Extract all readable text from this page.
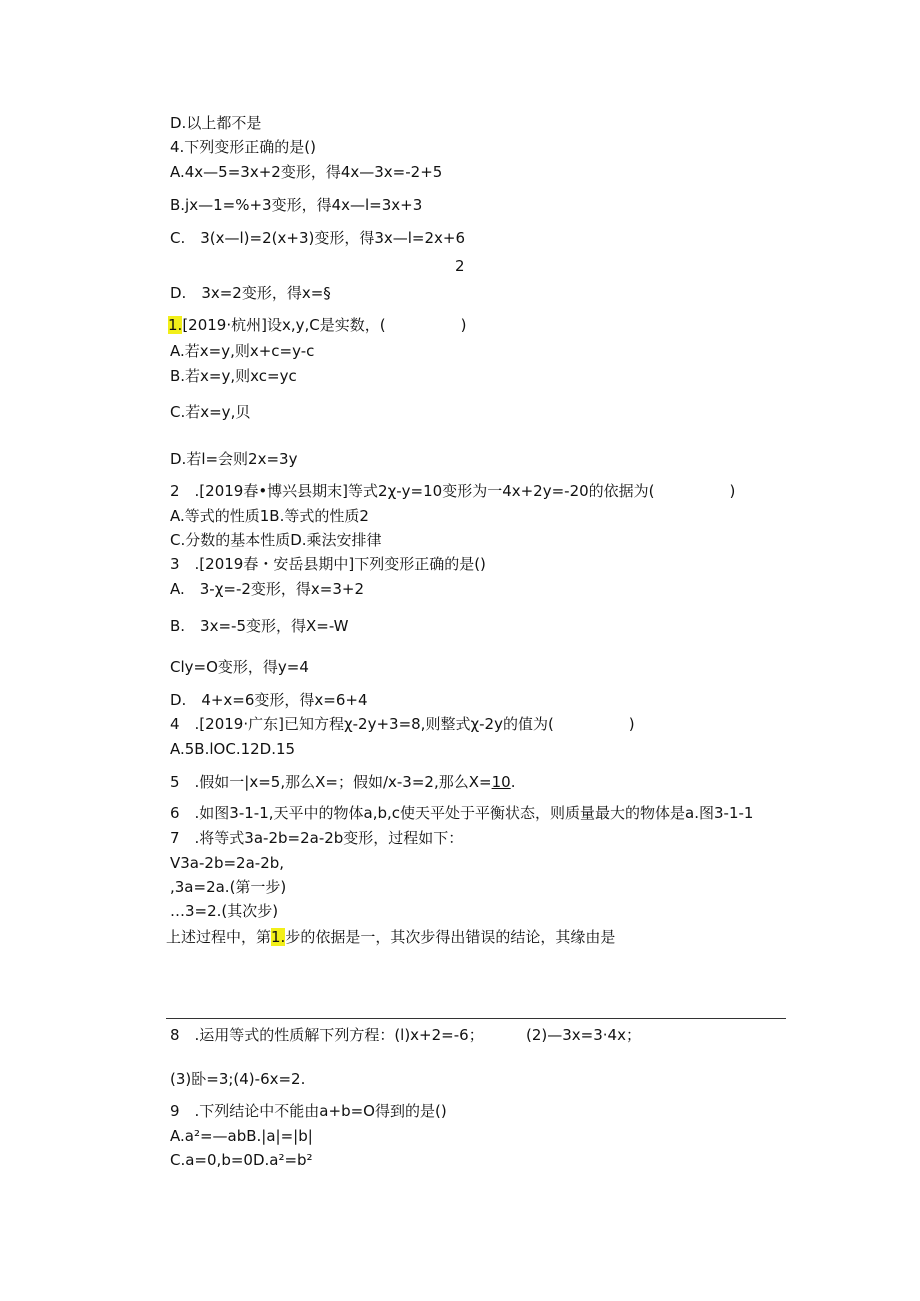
D.以上都不是
4.下列变形正确的是()
A.4x—5=3x+2变形，得4x—3x=-2+5
B.jx—1=%+3变形，得4x—l=3x+3
C.　3(x—l)=2(x+3)变形，得3x—l=2x+6
2
D.　3x=2变形，得x=§
1.[2019·杭州]设x,y,C是实数，(　　　　　)
A.若x=y,则x+c=y-c
B.若x=y,则xc=yc
C.若x=y,贝
D.若l=会则2x=3y
2　.[2019春•博兴县期末]等式2χ-y=10变形为一4x+2y=-20的依据为(　　　　　)
A.等式的性质1B.等式的性质2
C.分数的基本性质D.乘法安排律
3　.[2019春・安岳县期中]下列变形正确的是()
A.　3-χ=-2变形，得x=3+2
B.　3x=-5变形，得X=-W
Cly=O变形，得y=4
D.　4+x=6变形，得x=6+4
4　.[2019·广东]已知方程χ-2y+3=8,则整式χ-2y的值为(　　　　　)
A.5B.lOC.12D.15
5　.假如一|x=5,那么X=；假如/x-3=2,那么X=10.
6　.如图3-1-1,天平中的物体a,b,c使天平处于平衡状态，则质量最大的物体是a.图3-1-1
7　.将等式3a-2b=2a-2b变形，过程如下：
V3a-2b=2a-2b,
,3a=2a.(第一步)
…3=2.(其次步)
上述过程中，第1.步的依据是一，其次步得出错误的结论，其缘由是
8　.运用等式的性质解下列方程：(l)x+2=-6；	(2)—3x=3·4x；
(3)卧=3;(4)-6x=2.
9　.下列结论中不能由a+b=O得到的是()
A.a²=—abB.|a|=|b|
C.a=0,b=0D.a²=b²
